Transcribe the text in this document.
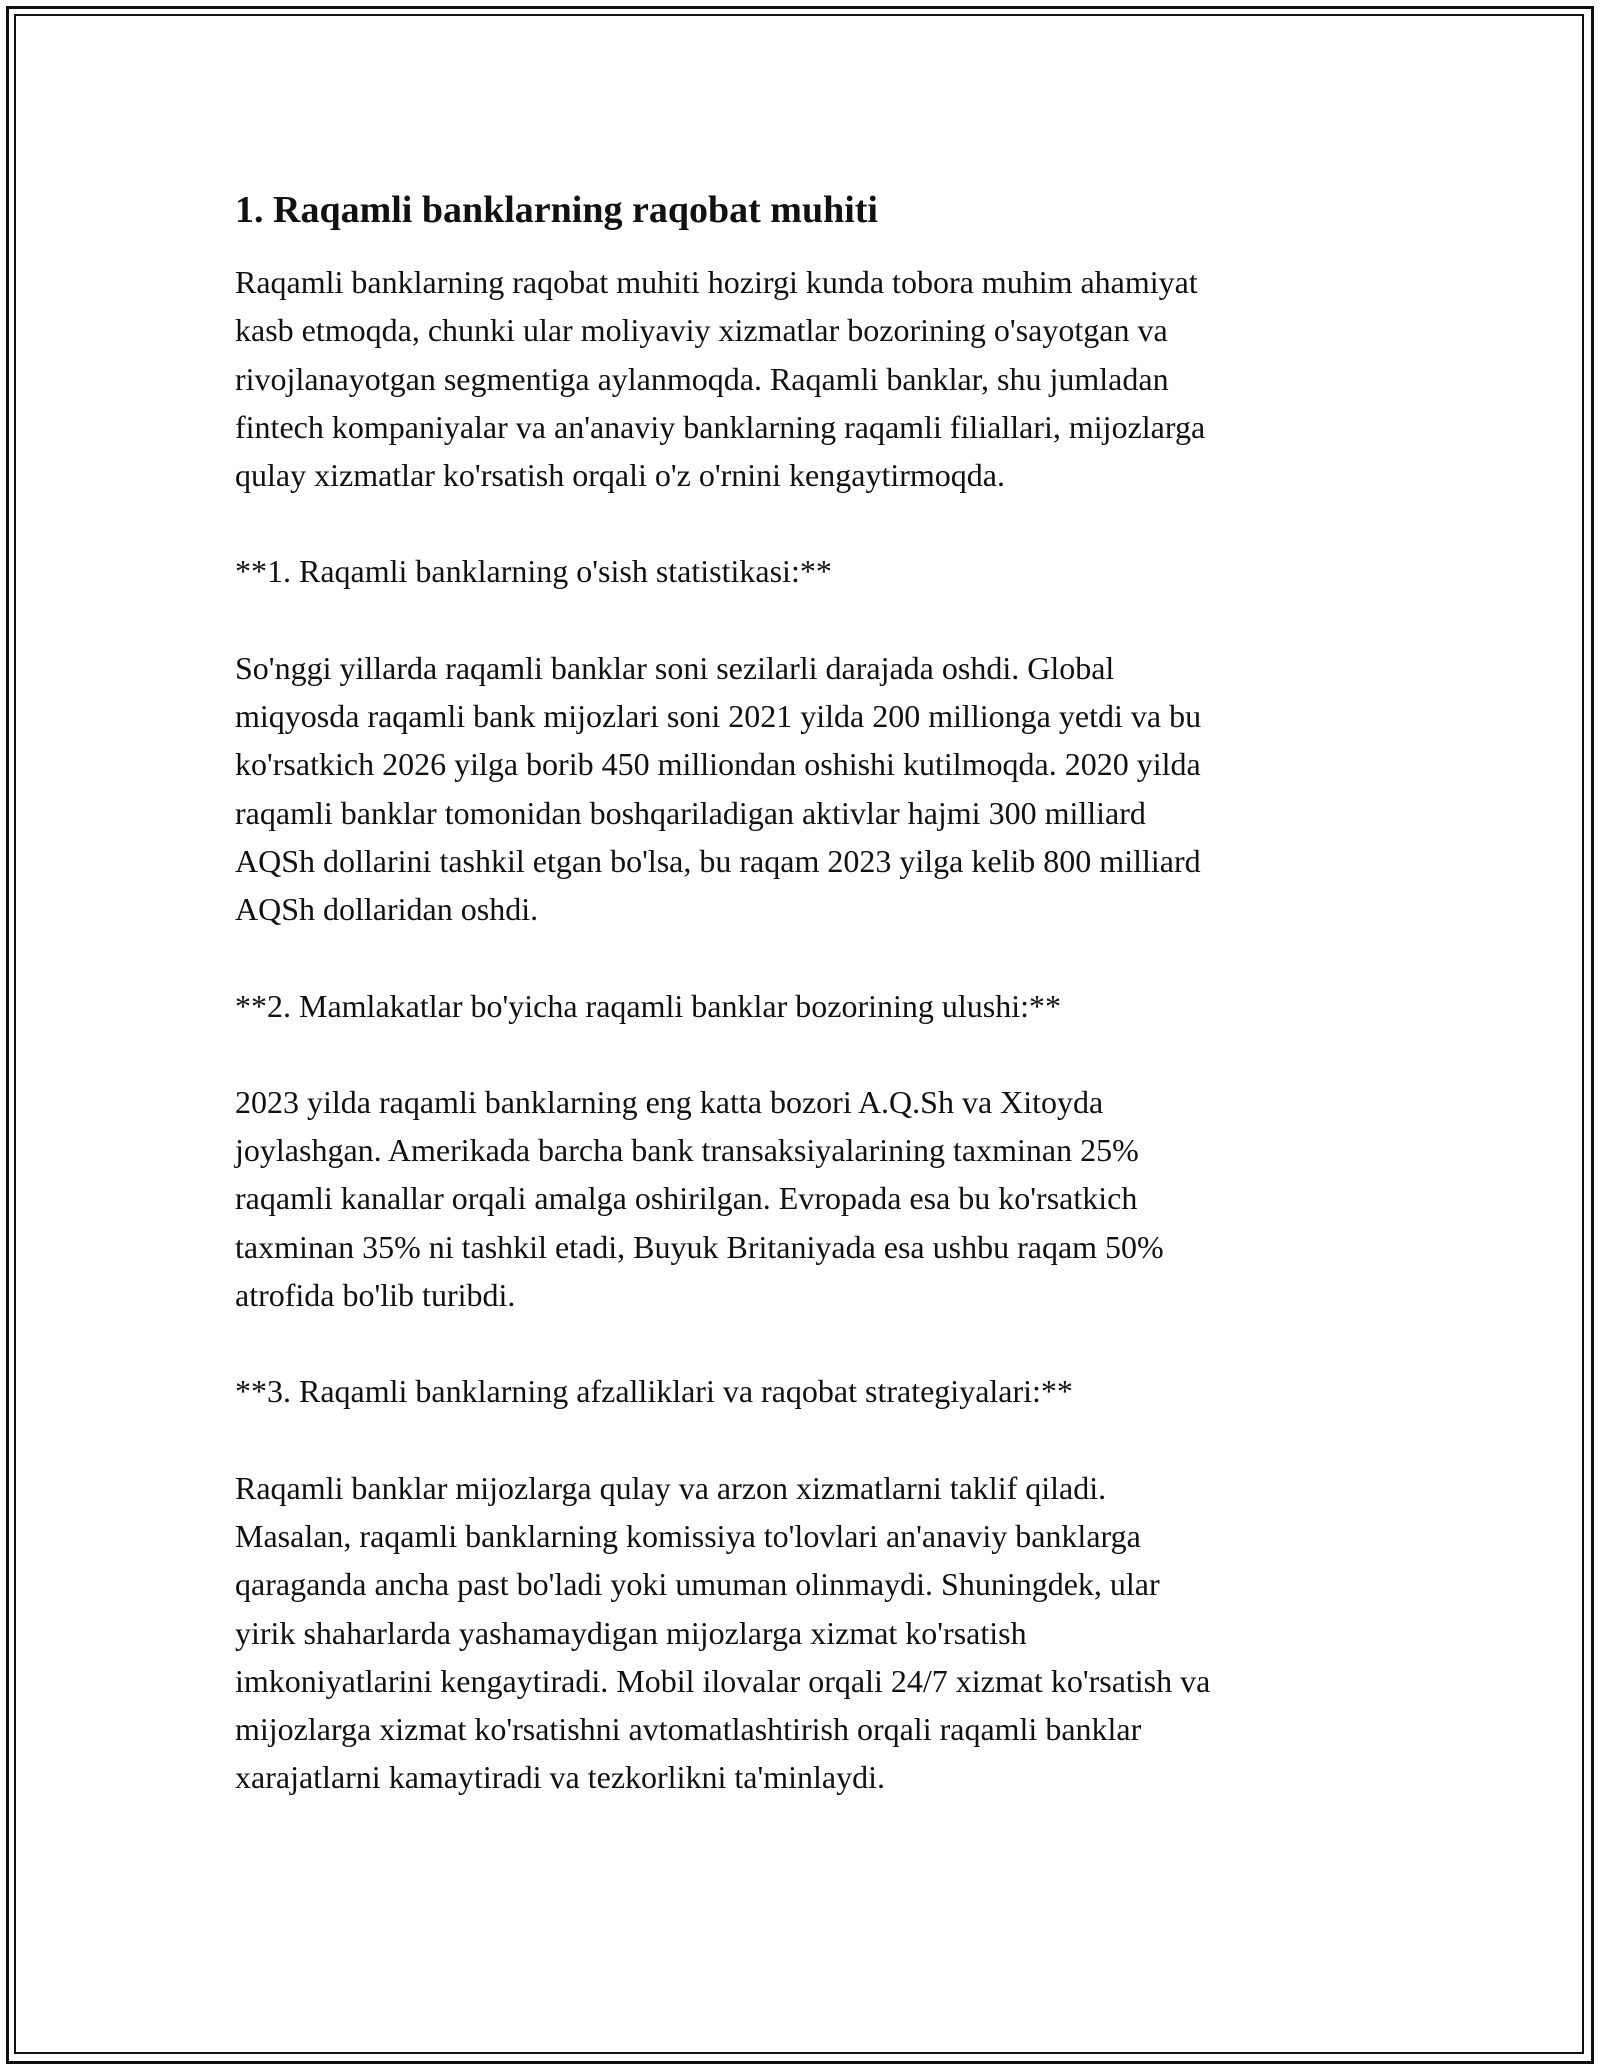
1. Raqamli banklarning raqobat muhiti

Raqamli banklarning raqobat muhiti hozirgi kunda tobora muhim ahamiyat
kasb etmoqda, chunki ular moliyaviy xizmatlar bozorining o'sayotgan va
rivojlanayotgan segmentiga aylanmoqda. Raqamli banklar, shu jumladan
fintech kompaniyalar va an'anaviy banklarning raqamli filiallari, mijozlarga
qulay xizmatlar ko'rsatish orqali o'z o'rnini kengaytirmoqda.

**1. Raqamli banklarning o'sish statistikasi:**

So'nggi yillarda raqamli banklar soni sezilarli darajada oshdi. Global
miqyosda raqamli bank mijozlari soni 2021 yilda 200 millionga yetdi va bu
ko'rsatkich 2026 yilga borib 450 milliondan oshishi kutilmoqda. 2020 yilda
raqamli banklar tomonidan boshqariladigan aktivlar hajmi 300 milliard
AQSh dollarini tashkil etgan bo'lsa, bu raqam 2023 yilga kelib 800 milliard
AQSh dollaridan oshdi.

**2. Mamlakatlar bo'yicha raqamli banklar bozorining ulushi:**

2023 yilda raqamli banklarning eng katta bozori A.Q.Sh va Xitoyda
joylashgan. Amerikada barcha bank transaksiyalarining taxminan 25%
raqamli kanallar orqali amalga oshirilgan. Evropada esa bu ko'rsatkich
taxminan 35% ni tashkil etadi, Buyuk Britaniyada esa ushbu raqam 50%
atrofida bo'lib turibdi.

**3. Raqamli banklarning afzalliklari va raqobat strategiyalari:**

Raqamli banklar mijozlarga qulay va arzon xizmatlarni taklif qiladi.
Masalan, raqamli banklarning komissiya to'lovlari an'anaviy banklarga
qaraganda ancha past bo'ladi yoki umuman olinmaydi. Shuningdek, ular
yirik shaharlarda yashamaydigan mijozlarga xizmat ko'rsatish
imkoniyatlarini kengaytiradi. Mobil ilovalar orqali 24/7 xizmat ko'rsatish va
mijozlarga xizmat ko'rsatishni avtomatlashtirish orqali raqamli banklar
xarajatlarni kamaytiradi va tezkorlikni ta'minlaydi.
